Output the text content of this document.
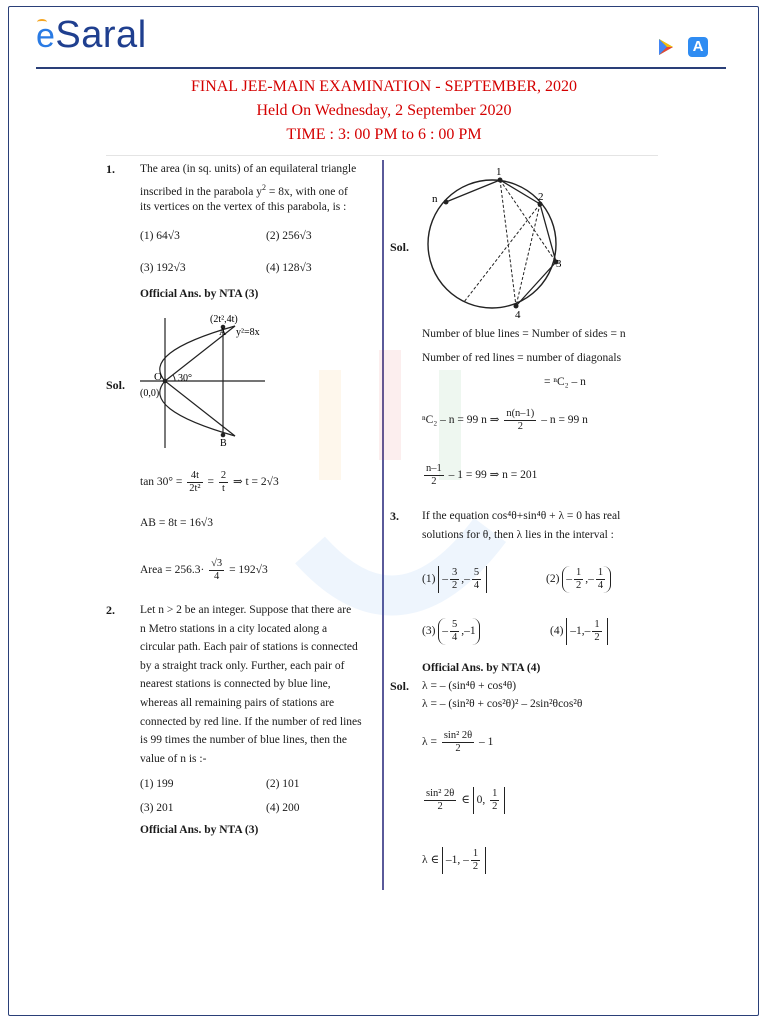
eSaral	A
FINAL JEE-MAIN EXAMINATION - SEPTEMBER, 2020
Held On Wednesday, 2 September 2020
TIME : 3: 00 PM to 6 : 00 PM
1. The area (in sq. units) of an equilateral triangle
inscribed in the parabola $y^2 = 8x$, with one of
its vertices on the vertex of this parabola, is :
(1) 64√3	(2) 256√3
(3) 192√3	(4) 128√3
Official Ans. by NTA (3)
Sol.
(2t²,4t)
A y²=8x
O
(0,0)
30°
B
$\tan 30^\circ = \frac{4t}{\text{2t²}} = \frac{2}{t}$ ⇒ t = 2√3
AB = 8t = 16√3
Area = $256.3\cdot \frac{√3}{4} = 192√3$
2. Let n > 2 be an integer. Suppose that there are
n Metro stations in a city located along a
circular path. Each pair of stations is connected
by a straight track only. Further, each pair of
nearest stations is connected by blue line,
whereas all remaining pairs of stations are
connected by red line. If the number of red lines
is 99 times the number of blue lines, then the
value of n is :-
(1) 199	(2) 101
(3) 201	(4) 200
Official Ans. by NTA (3)
Sol.
n
1
2
3
4
Number of blue lines = Number of sides = n
Number of red lines = number of diagonals
= ⁿC₂ – n
ⁿC₂ – n = 99 n ⇒ $\frac{n(n-1)}{2} - n = 99$ n
$\frac{n-1}{2} - 1 = 99$ ⇒ n = 201
3. If the equation cos⁴θ+sin⁴θ + λ = 0 has real
solutions for θ, then λ lies in the interval :
$(1) - \frac{3}{2}$ ,– $\frac{5}{4}$	$(2) - \frac{1}{2}$ ,– $\frac{1}{4}$
$(3) - \frac{5}{4} ,-1$	(4) $-1,- \frac{1}{2}$
Official Ans. by NTA (4)
Sol. λ = – (sin⁴θ + cos⁴θ)
λ = – (sin²θ + cos²θ)² – 2sin²θcos²θ
$\lambda = \frac{\text{sin² 2θ}}{2} - 1$
$\frac{\text{sin² 2θ}}{2}$ ∈ 0, $\frac{1}{2}$
λ ∈ –1, – $\frac{1}{2}$
